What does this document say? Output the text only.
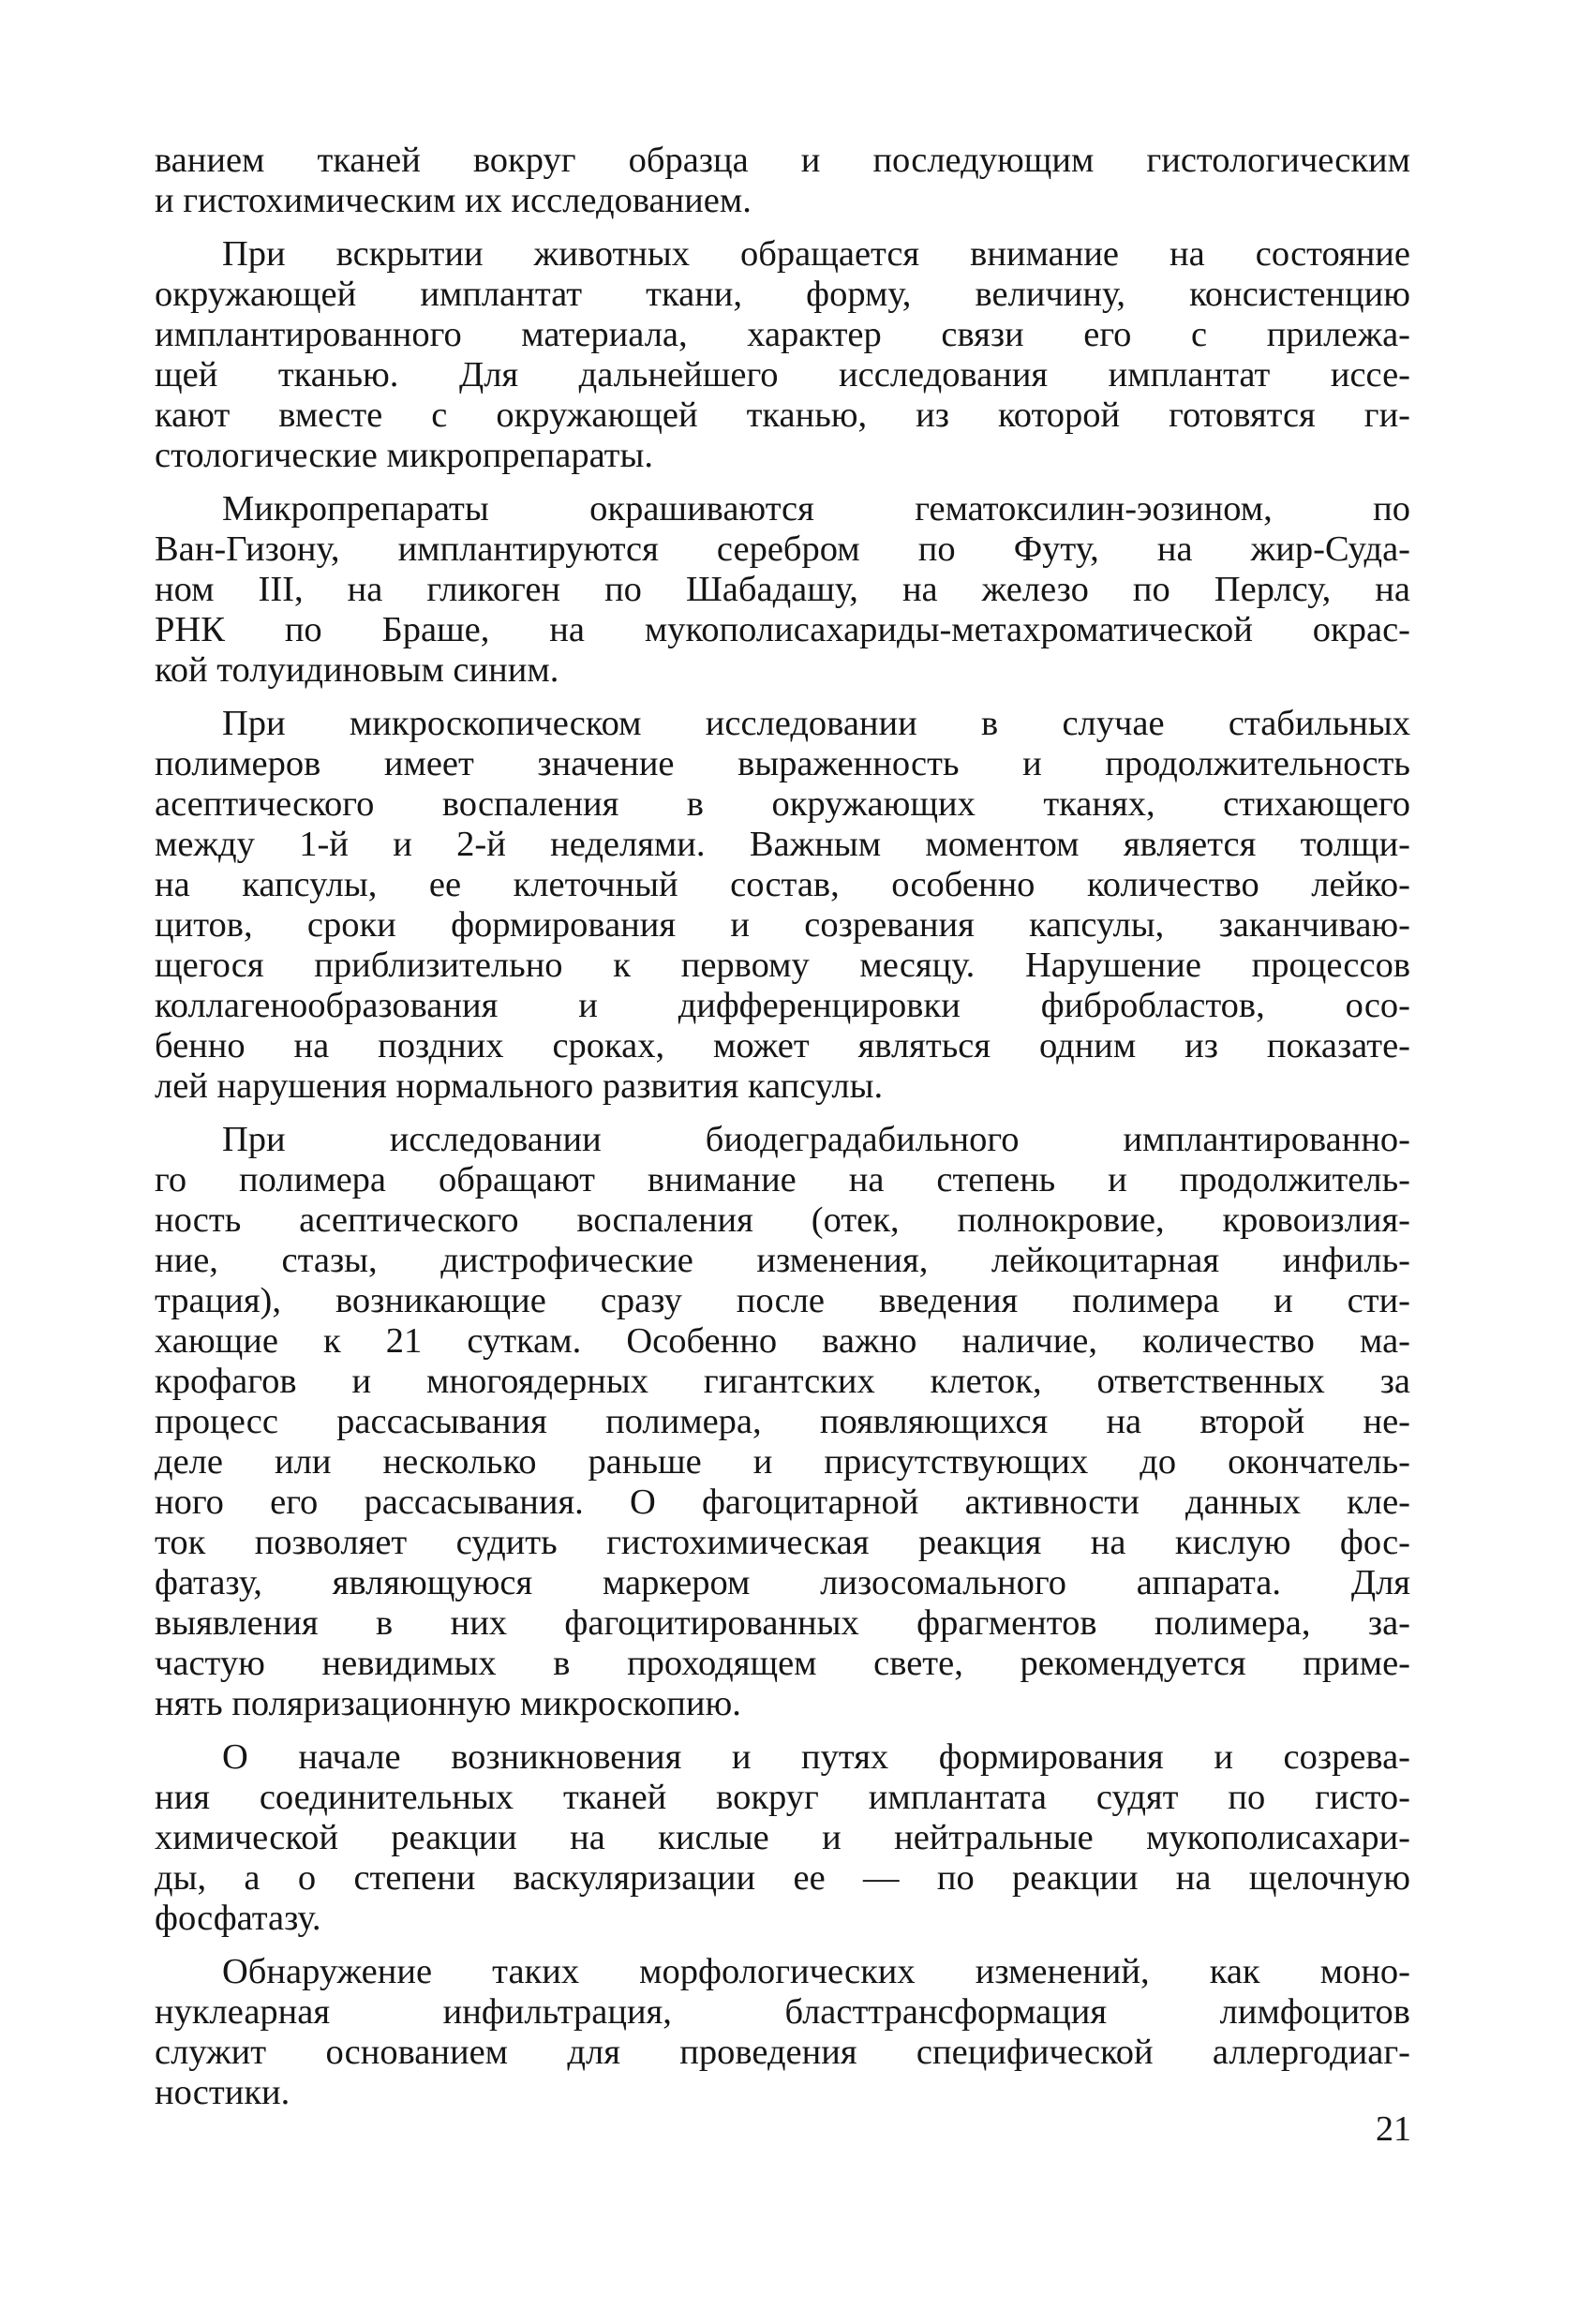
ванием тканей вокруг образца и последующим гистологическим
и гистохимическим их исследованием.
При вскрытии животных обращается внимание на состояние
окружающей имплантат ткани, форму, величину, консистенцию
имплантированного материала, характер связи его с прилежа-
щей тканью. Для дальнейшего исследования имплантат иссе-
кают вместе с окружающей тканью, из которой готовятся ги-
стологические микропрепараты.
Микропрепараты окрашиваются гематоксилин-эозином, по
Ван-Гизону, имплантируются серебром по Футу, на жир-Суда-
ном III, на гликоген по Шабадашу, на железо по Перлсу, на
РНК по Браше, на мукополисахариды-метахроматической окрас-
кой толуидиновым синим.
При микроскопическом исследовании в случае стабильных
полимеров имеет значение выраженность и продолжительность
асептического воспаления в окружающих тканях, стихающего
между 1-й и 2-й неделями. Важным моментом является толщи-
на капсулы, ее клеточный состав, особенно количество лейко-
цитов, сроки формирования и созревания капсулы, заканчиваю-
щегося приблизительно к первому месяцу. Нарушение процессов
коллагенообразования и дифференцировки фибробластов, осо-
бенно на поздних сроках, может являться одним из показате-
лей нарушения нормального развития капсулы.
При исследовании биодеградабильного имплантированно-
го полимера обращают внимание на степень и продолжитель-
ность асептического воспаления (отек, полнокровие, кровоизлия-
ние, стазы, дистрофические изменения, лейкоцитарная инфиль-
трация), возникающие сразу после введения полимера и сти-
хающие к 21 суткам. Особенно важно наличие, количество ма-
крофагов и многоядерных гигантских клеток, ответственных за
процесс рассасывания полимера, появляющихся на второй не-
деле или несколько раньше и присутствующих до окончатель-
ного его рассасывания. О фагоцитарной активности данных кле-
ток позволяет судить гистохимическая реакция на кислую фос-
фатазу, являющуюся маркером лизосомального аппарата. Для
выявления в них фагоцитированных фрагментов полимера, за-
частую невидимых в проходящем свете, рекомендуется приме-
нять поляризационную микроскопию.
О начале возникновения и путях формирования и созрева-
ния соединительных тканей вокруг имплантата судят по гисто-
химической реакции на кислые и нейтральные мукополисахари-
ды, а о степени васкуляризации ее — по реакции на щелочную
фосфатазу.
Обнаружение таких морфологических изменений, как моно-
нуклеарная инфильтрация, бласттрансформация лимфоцитов
служит основанием для проведения специфической аллергодиаг-
ностики.
21
